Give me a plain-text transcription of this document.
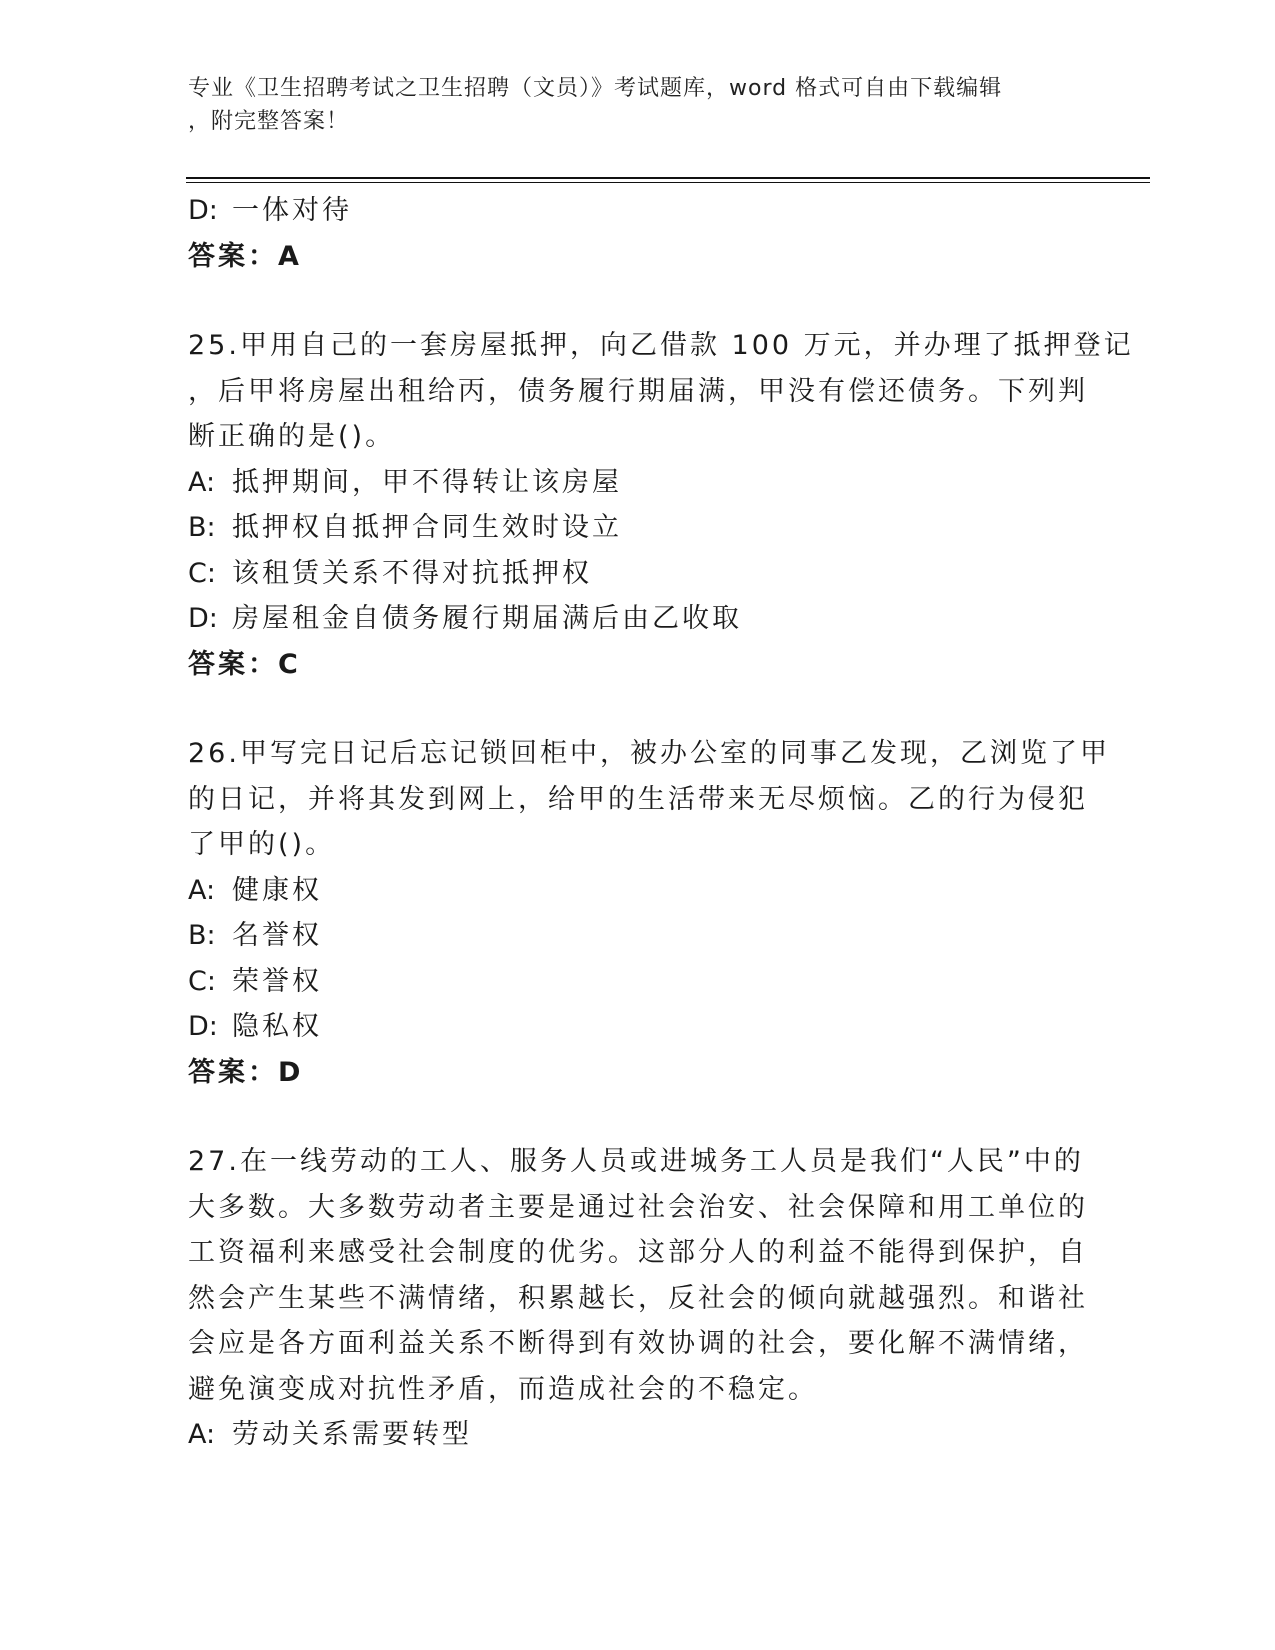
专业《卫生招聘考试之卫生招聘（文员）》考试题库，word 格式可自由下载编辑
，附完整答案！
D: 一体对待
答案：A
25.甲用自己的一套房屋抵押，向乙借款 100 万元，并办理了抵押登记
，后甲将房屋出租给丙，债务履行期届满，甲没有偿还债务。下列判
断正确的是()。
A: 抵押期间，甲不得转让该房屋
B: 抵押权自抵押合同生效时设立
C: 该租赁关系不得对抗抵押权
D: 房屋租金自债务履行期届满后由乙收取
答案：C
26.甲写完日记后忘记锁回柜中，被办公室的同事乙发现，乙浏览了甲
的日记，并将其发到网上，给甲的生活带来无尽烦恼。乙的行为侵犯
了甲的()。
A: 健康权
B: 名誉权
C: 荣誉权
D: 隐私权
答案：D
27.在一线劳动的工人、服务人员或进城务工人员是我们“人民”中的
大多数。大多数劳动者主要是通过社会治安、社会保障和用工单位的
工资福利来感受社会制度的优劣。这部分人的利益不能得到保护，自
然会产生某些不满情绪，积累越长，反社会的倾向就越强烈。和谐社
会应是各方面利益关系不断得到有效协调的社会，要化解不满情绪，
避免演变成对抗性矛盾，而造成社会的不稳定。
A: 劳动关系需要转型
